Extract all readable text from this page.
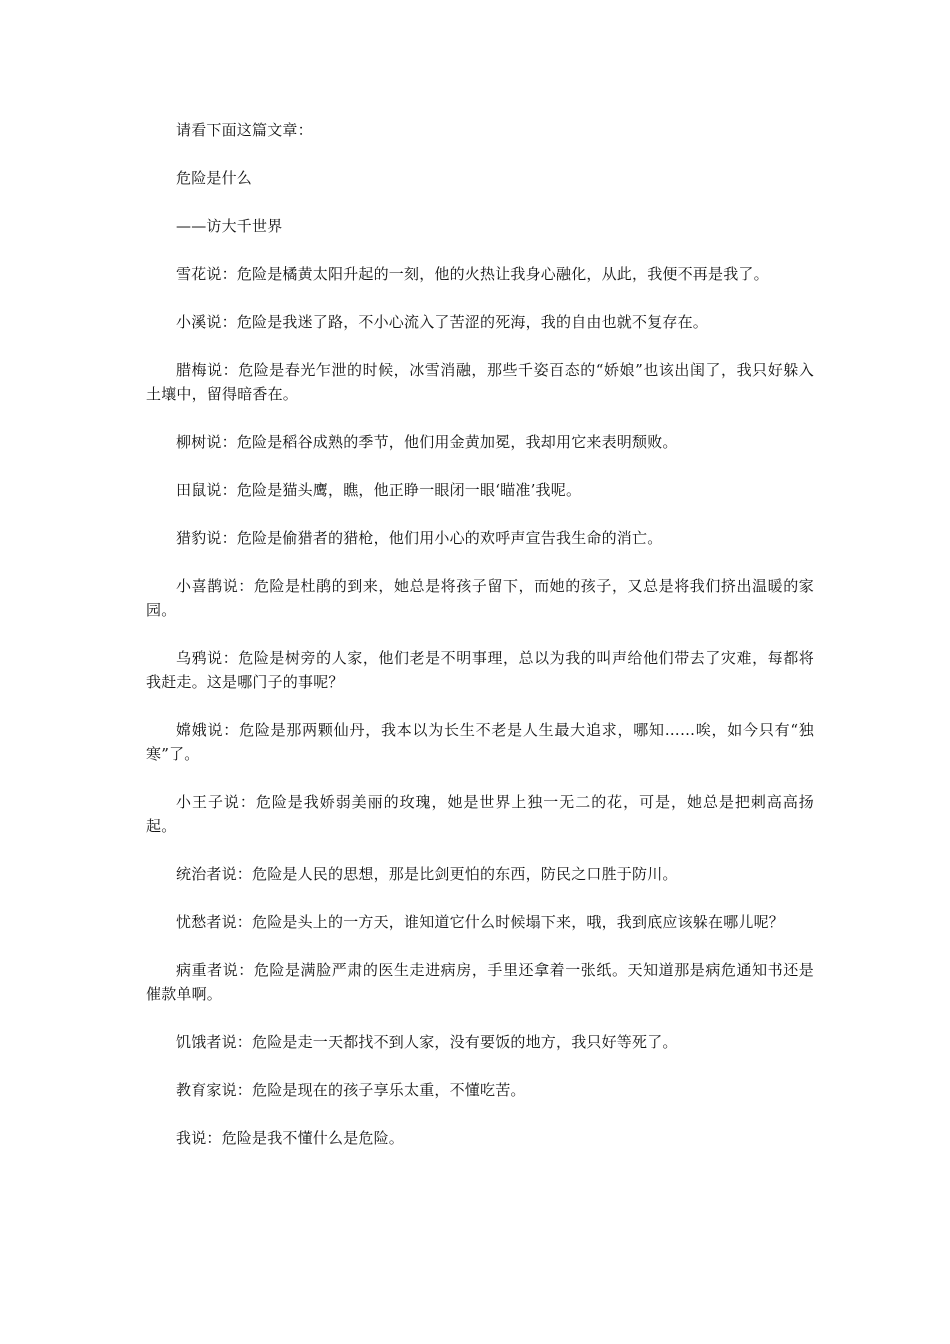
请看下面这篇文章：

危险是什么

——访大千世界

雪花说：危险是橘黄太阳升起的一刻，他的火热让我身心融化，从此，我便不再是我了。

小溪说：危险是我迷了路，不小心流入了苦涩的死海，我的自由也就不复存在。

腊梅说：危险是春光乍泄的时候，冰雪消融，那些千姿百态的“娇娘”也该出闺了，我只好躲入土壤中，留得暗香在。

柳树说：危险是稻谷成熟的季节，他们用金黄加冕，我却用它来表明颓败。

田鼠说：危险是猫头鹰，瞧，他正睁一眼闭一眼‘瞄准’我呢。

猎豹说：危险是偷猎者的猎枪，他们用小心的欢呼声宣告我生命的消亡。

小喜鹊说：危险是杜鹃的到来，她总是将孩子留下，而她的孩子，又总是将我们挤出温暖的家园。

乌鸦说：危险是树旁的人家，他们老是不明事理，总以为我的叫声给他们带去了灾难，每都将我赶走。这是哪门子的事呢？

嫦娥说：危险是那两颗仙丹，我本以为长生不老是人生最大追求，哪知……唉，如今只有“独寒”了。

小王子说：危险是我娇弱美丽的玫瑰，她是世界上独一无二的花，可是，她总是把刺高高扬起。

统治者说：危险是人民的思想，那是比剑更怕的东西，防民之口胜于防川。

忧愁者说：危险是头上的一方天，谁知道它什么时候塌下来，哦，我到底应该躲在哪儿呢？

病重者说：危险是满脸严肃的医生走进病房，手里还拿着一张纸。天知道那是病危通知书还是催款单啊。

饥饿者说：危险是走一天都找不到人家，没有要饭的地方，我只好等死了。

教育家说：危险是现在的孩子享乐太重，不懂吃苦。

我说：危险是我不懂什么是危险。
